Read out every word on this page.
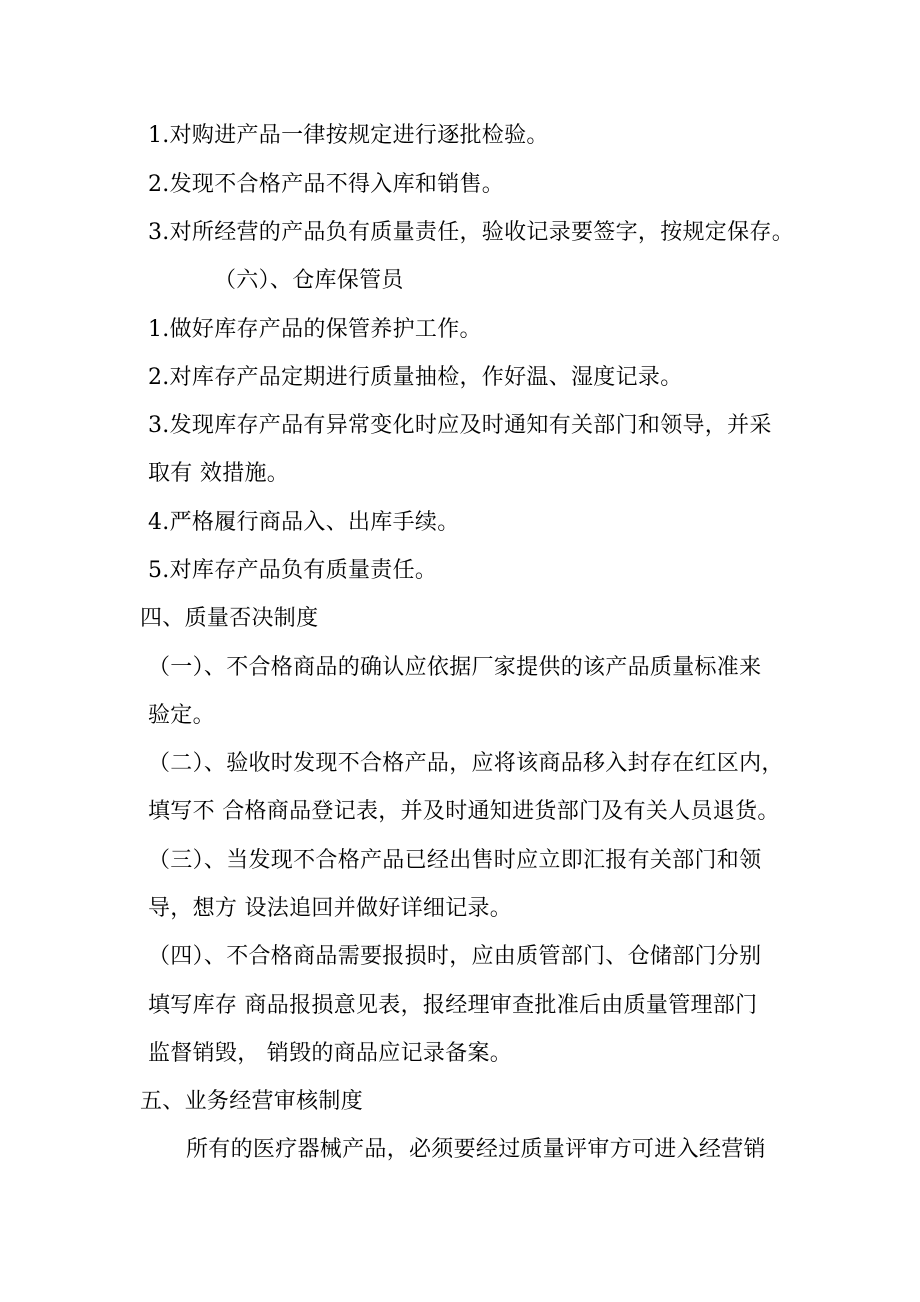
1.对购进产品一律按规定进行逐批检验。

2.发现不合格产品不得入库和销售。

3.对所经营的产品负有质量责任，验收记录要签字，按规定保存。

（六）、仓库保管员

1.做好库存产品的保管养护工作。

2.对库存产品定期进行质量抽检，作好温、湿度记录。

3.发现库存产品有异常变化时应及时通知有关部门和领导，并采

取有 效措施。

4.严格履行商品入、出库手续。

5.对库存产品负有质量责任。

四、质量否决制度

（一）、不合格商品的确认应依据厂家提供的该产品质量标准来

验定。

（二）、验收时发现不合格产品，应将该商品移入封存在红区内，

填写不 合格商品登记表，并及时通知进货部门及有关人员退货。

（三）、当发现不合格产品已经出售时应立即汇报有关部门和领

导，想方 设法追回并做好详细记录。

（四）、不合格商品需要报损时，应由质管部门、仓储部门分别

填写库存 商品报损意见表，报经理审查批准后由质量管理部门

监督销毁， 销毁的商品应记录备案。

五、业务经营审核制度

所有的医疗器械产品，必须要经过质量评审方可进入经营销
